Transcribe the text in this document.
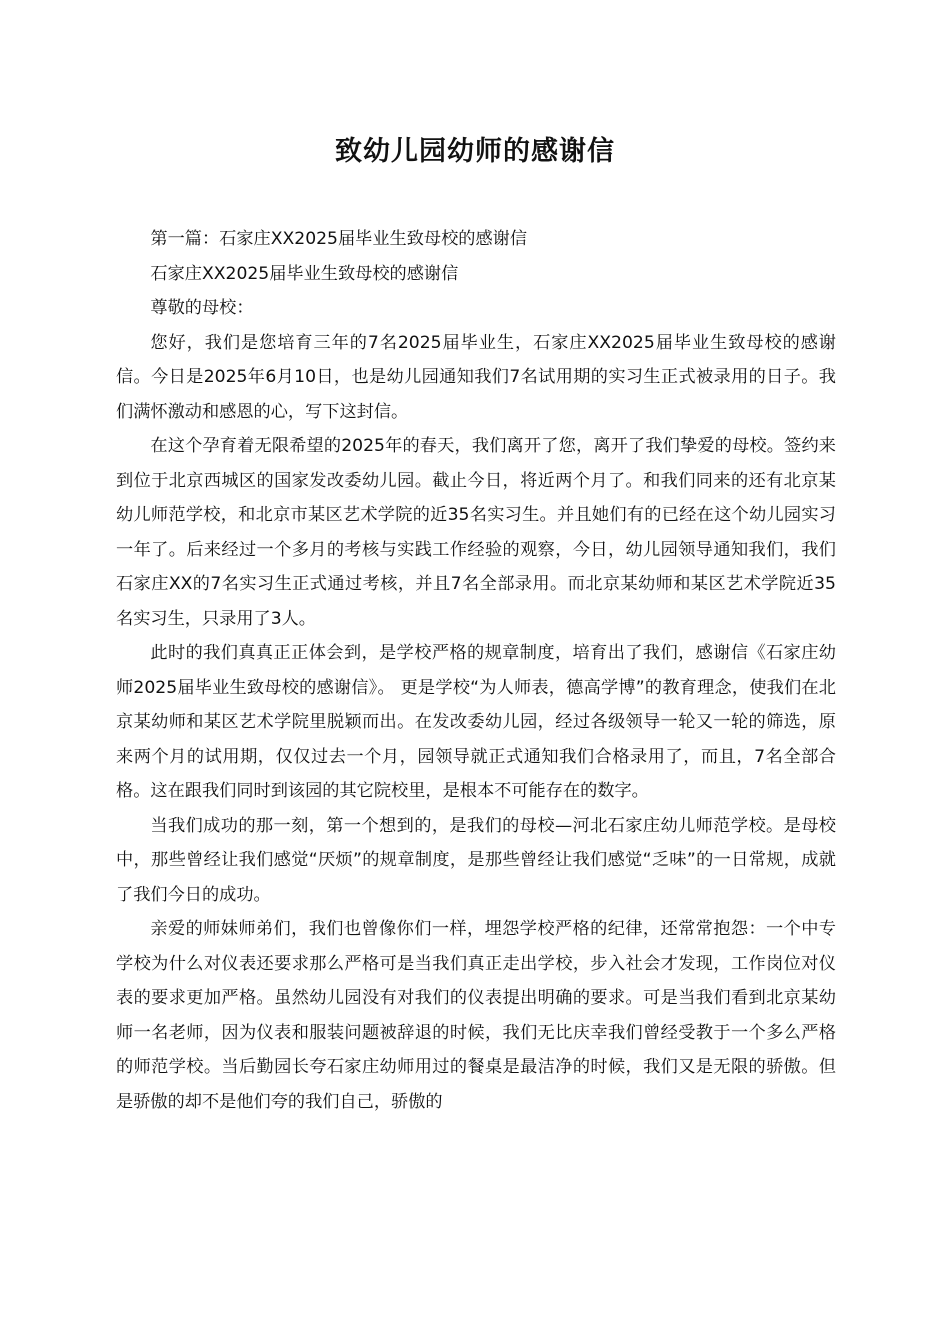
致幼儿园幼师的感谢信

第一篇：石家庄XX2025届毕业生致母校的感谢信

石家庄XX2025届毕业生致母校的感谢信

尊敬的母校：

您好，我们是您培育三年的7名2025届毕业生，石家庄XX2025届毕业生致母校的感谢信。今日是2025年6月10日，也是幼儿园通知我们7名试用期的实习生正式被录用的日子。我们满怀激动和感恩的心，写下这封信。

在这个孕育着无限希望的2025年的春天，我们离开了您，离开了我们挚爱的母校。签约来到位于北京西城区的国家发改委幼儿园。截止今日，将近两个月了。和我们同来的还有北京某幼儿师范学校，和北京市某区艺术学院的近35名实习生。并且她们有的已经在这个幼儿园实习一年了。后来经过一个多月的考核与实践工作经验的观察，今日，幼儿园领导通知我们，我们石家庄XX的7名实习生正式通过考核，并且7名全部录用。而北京某幼师和某区艺术学院近35名实习生，只录用了3人。

此时的我们真真正正体会到，是学校严格的规章制度，培育出了我们，感谢信《石家庄幼师2025届毕业生致母校的感谢信》。 更是学校“为人师表，德高学博”的教育理念，使我们在北京某幼师和某区艺术学院里脱颖而出。在发改委幼儿园，经过各级领导一轮又一轮的筛选，原来两个月的试用期，仅仅过去一个月，园领导就正式通知我们合格录用了，而且，7名全部合格。这在跟我们同时到该园的其它院校里，是根本不可能存在的数字。

当我们成功的那一刻，第一个想到的，是我们的母校—河北石家庄幼儿师范学校。是母校中，那些曾经让我们感觉“厌烦”的规章制度，是那些曾经让我们感觉“乏味”的一日常规，成就了我们今日的成功。

亲爱的师妹师弟们，我们也曾像你们一样，埋怨学校严格的纪律，还常常抱怨：一个中专学校为什么对仪表还要求那么严格可是当我们真正走出学校，步入社会才发现，工作岗位对仪表的要求更加严格。虽然幼儿园没有对我们的仪表提出明确的要求。可是当我们看到北京某幼师一名老师，因为仪表和服装问题被辞退的时候，我们无比庆幸我们曾经受教于一个多么严格的师范学校。当后勤园长夸石家庄幼师用过的餐桌是最洁净的时候，我们又是无限的骄傲。但是骄傲的却不是他们夸的我们自己，骄傲的
